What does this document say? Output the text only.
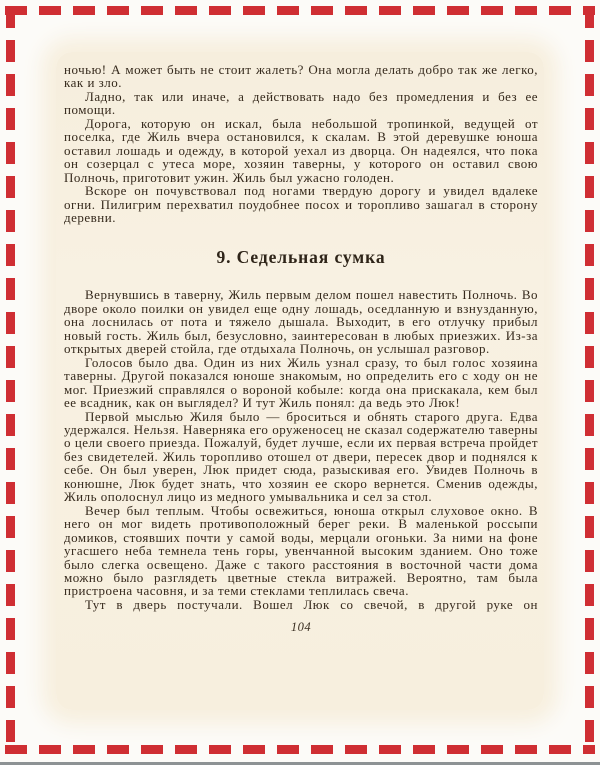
ночью! А может быть не стоит жалеть? Она могла делать добро так же легко, как и зло.

Ладно, так или иначе, а действовать надо без промедления и без ее помощи.

Дорога, которую он искал, была небольшой тропинкой, ведущей от поселка, где Жиль вчера остановился, к скалам. В этой деревушке юноша оставил лошадь и одежду, в которой уехал из дворца. Он надеялся, что пока он созерцал с утеса море, хозяин таверны, у которого он оставил свою Полночь, приготовит ужин. Жиль был ужасно голоден.

Вскоре он почувствовал под ногами твердую дорогу и увидел вдалеке огни. Пилигрим перехватил поудобнее посох и торопливо зашагал в сторону деревни.

9. Седельная сумка

Вернувшись в таверну, Жиль первым делом пошел навестить Полночь. Во дворе около поилки он увидел еще одну лошадь, оседланную и взнузданную, она лоснилась от пота и тяжело дышала. Выходит, в его отлучку прибыл новый гость. Жиль был, безусловно, заинтересован в любых приезжих. Из-за открытых дверей стойла, где отдыхала Полночь, он услышал разговор.

Голосов было два. Один из них Жиль узнал сразу, то был голос хозяина таверны. Другой показался юноше знакомым, но определить его с ходу он не мог. Приезжий справлялся о вороной кобыле: когда она прискакала, кем был ее всадник, как он выглядел? И тут Жиль понял: да ведь это Люк!

Первой мыслью Жиля было — броситься и обнять старого друга. Едва удержался. Нельзя. Наверняка его оруженосец не сказал содержателю таверны о цели своего приезда. Пожалуй, будет лучше, если их первая встреча пройдет без свидетелей. Жиль торопливо отошел от двери, пересек двор и поднялся к себе. Он был уверен, Люк придет сюда, разыскивая его. Увидев Полночь в конюшне, Люк будет знать, что хозяин ее скоро вернется. Сменив одежды, Жиль ополоснул лицо из медного умывальника и сел за стол.

Вечер был теплым. Чтобы освежиться, юноша открыл слуховое окно. В него он мог видеть противоположный берег реки. В маленькой россыпи домиков, стоявших почти у самой воды, мерцали огоньки. За ними на фоне угасшего неба темнела тень горы, увенчанной высоким зданием. Оно тоже было слегка освещено. Даже с такого расстояния в восточной части дома можно было разглядеть цветные стекла витражей. Вероятно, там была пристроена часовня, и за теми стеклами теплилась свеча.

Тут в дверь постучали. Вошел Люк со свечой, в другой руке он

104
